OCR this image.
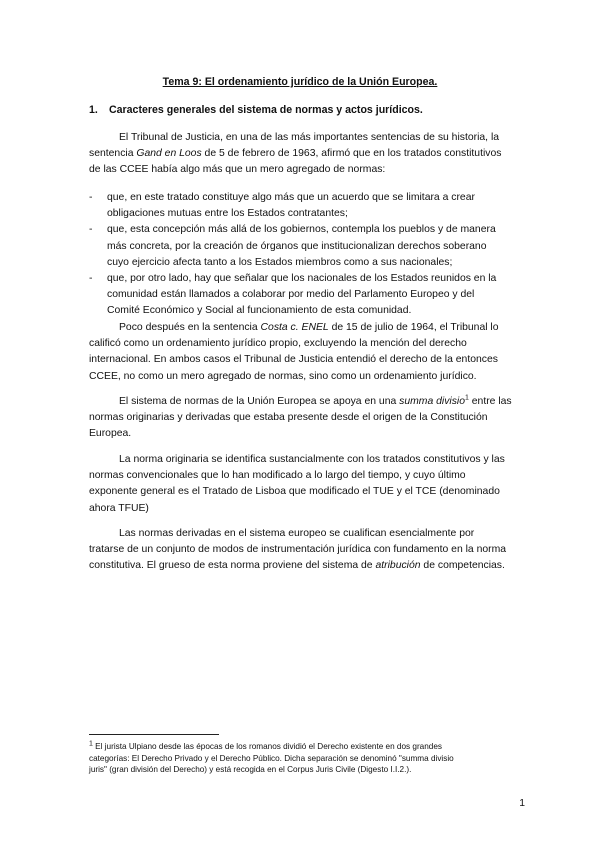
Tema 9: El ordenamiento jurídico de la Unión Europea.
1. Caracteres generales del sistema de normas y actos jurídicos.
El Tribunal de Justicia, en una de las más importantes sentencias de su historia, la
sentencia Gand en Loos de 5 de febrero de 1963, afirmó que en los tratados constitutivos
de las CCEE había algo más que un mero agregado de normas:
- que, en este tratado constituye algo más que un acuerdo que se limitara a crear
obligaciones mutuas entre los Estados contratantes;
- que, esta concepción más allá de los gobiernos, contempla los pueblos y de manera
más concreta, por la creación de órganos que institucionalizan derechos soberano
cuyo ejercicio afecta tanto a los Estados miembros como a sus nacionales;
- que, por otro lado, hay que señalar que los nacionales de los Estados reunidos en la
comunidad están llamados a colaborar por medio del Parlamento Europeo y del
Comité Económico y Social al funcionamiento de esta comunidad.
Poco después en la sentencia Costa c. ENEL de 15 de julio de 1964, el Tribunal lo
calificó como un ordenamiento jurídico propio, excluyendo la mención del derecho
internacional. En ambos casos el Tribunal de Justicia entendió el derecho de la entonces
CCEE, no como un mero agregado de normas, sino como un ordenamiento jurídico.
El sistema de normas de la Unión Europea se apoya en una summa divisio$^1$ entre las
normas originarias y derivadas que estaba presente desde el origen de la Constitución
Europea.
La norma originaria se identifica sustancialmente con los tratados constitutivos y las
normas convencionales que lo han modificado a lo largo del tiempo, y cuyo último
exponente general es el Tratado de Lisboa que modificado el TUE y el TCE (denominado
ahora TFUE)
Las normas derivadas en el sistema europeo se cualifican esencialmente por
tratarse de un conjunto de modos de instrumentación jurídica con fundamento en la norma
constitutiva. El grueso de esta norma proviene del sistema de atribución de competencias.
$^1$ El jurista Ulpiano desde las épocas de los romanos dividió el Derecho existente en dos grandes
categorías: El Derecho Privado y el Derecho Público. Dicha separación se denominó "summa divisio
juris" (gran división del Derecho) y está recogida en el Corpus Juris Civile (Digesto I.I.2.).
1
